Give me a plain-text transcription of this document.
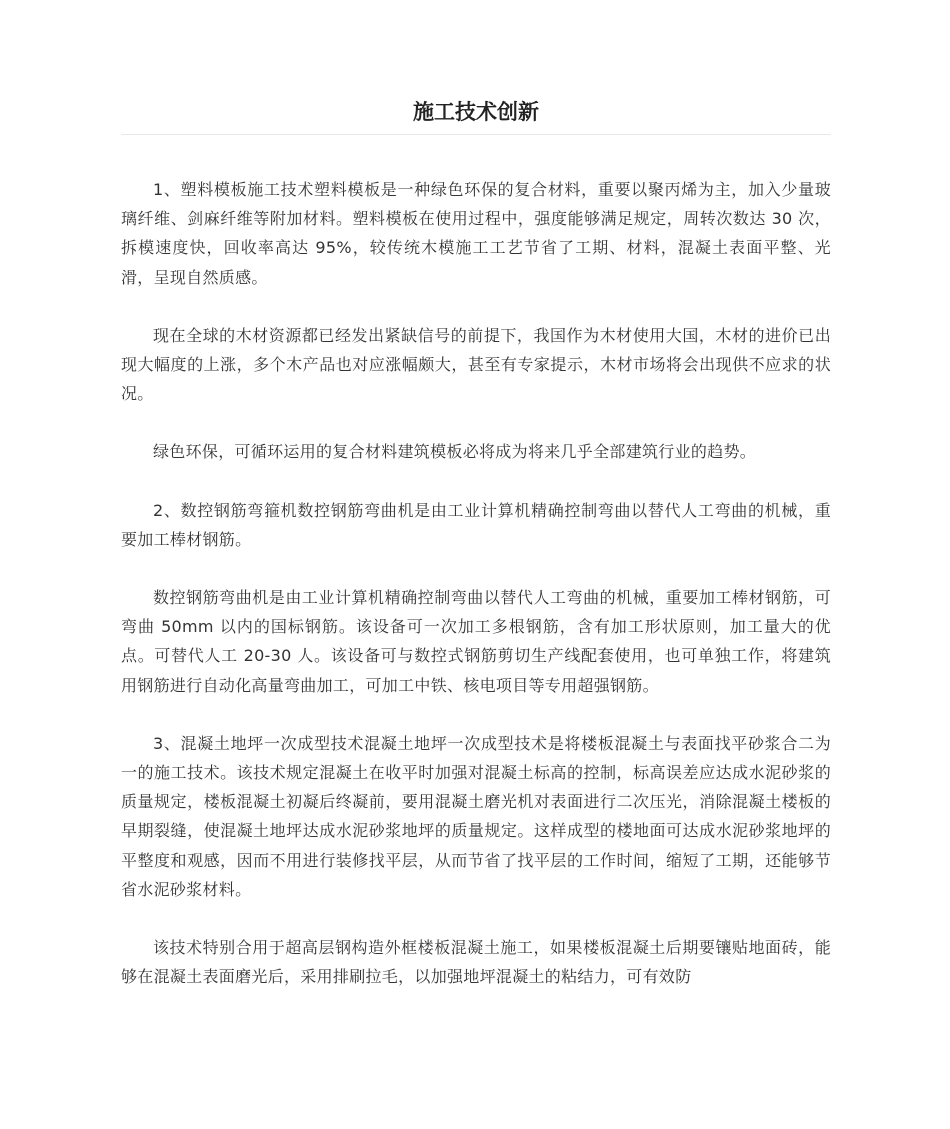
施工技术创新

1、塑料模板施工技术塑料模板是一种绿色环保的复合材料，重要以聚丙烯为主，加入少量玻璃纤维、剑麻纤维等附加材料。塑料模板在使用过程中，强度能够满足规定，周转次数达 30 次，拆模速度快，回收率高达 95%，较传统木模施工工艺节省了工期、材料，混凝土表面平整、光滑，呈现自然质感。

现在全球的木材资源都已经发出紧缺信号的前提下，我国作为木材使用大国，木材的进价已出现大幅度的上涨，多个木产品也对应涨幅颇大，甚至有专家提示，木材市场将会出现供不应求的状况。

绿色环保，可循环运用的复合材料建筑模板必将成为将来几乎全部建筑行业的趋势。

2、数控钢筋弯箍机数控钢筋弯曲机是由工业计算机精确控制弯曲以替代人工弯曲的机械，重要加工棒材钢筋。

数控钢筋弯曲机是由工业计算机精确控制弯曲以替代人工弯曲的机械，重要加工棒材钢筋，可弯曲 50mm 以内的国标钢筋。该设备可一次加工多根钢筋，含有加工形状原则，加工量大的优点。可替代人工 20-30 人。该设备可与数控式钢筋剪切生产线配套使用，也可单独工作，将建筑用钢筋进行自动化高量弯曲加工，可加工中铁、核电项目等专用超强钢筋。

3、混凝土地坪一次成型技术混凝土地坪一次成型技术是将楼板混凝土与表面找平砂浆合二为一的施工技术。该技术规定混凝土在收平时加强对混凝土标高的控制，标高误差应达成水泥砂浆的质量规定，楼板混凝土初凝后终凝前，要用混凝土磨光机对表面进行二次压光，消除混凝土楼板的早期裂缝，使混凝土地坪达成水泥砂浆地坪的质量规定。这样成型的楼地面可达成水泥砂浆地坪的平整度和观感，因而不用进行装修找平层，从而节省了找平层的工作时间，缩短了工期，还能够节省水泥砂浆材料。

该技术特别合用于超高层钢构造外框楼板混凝土施工，如果楼板混凝土后期要镶贴地面砖，能够在混凝土表面磨光后，采用排刷拉毛，以加强地坪混凝土的粘结力，可有效防
